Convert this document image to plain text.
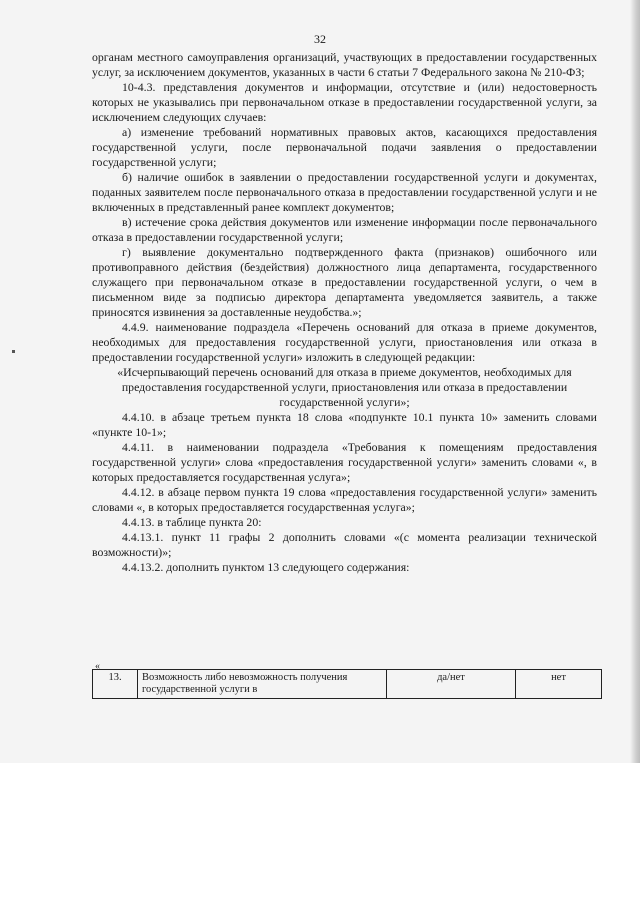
32

органам местного самоуправления организаций, участвующих в предоставлении государственных услуг, за исключением документов, указанных в части 6 статьи 7 Федерального закона № 210-ФЗ;

10-4.3. представления документов и информации, отсутствие и (или) недостоверность которых не указывались при первоначальном отказе в предоставлении государственной услуги, за исключением следующих случаев:

а) изменение требований нормативных правовых актов, касающихся предоставления государственной услуги, после первоначальной подачи заявления о предоставлении государственной услуги;

б) наличие ошибок в заявлении о предоставлении государственной услуги и документах, поданных заявителем после первоначального отказа в предоставлении государственной услуги и не включенных в представленный ранее комплект документов;

в) истечение срока действия документов или изменение информации после первоначального отказа в предоставлении государственной услуги;

г) выявление документально подтвержденного факта (признаков) ошибочного или противоправного действия (бездействия) должностного лица департамента, государственного служащего при первоначальном отказе в предоставлении государственной услуги, о чем в письменном виде за подписью директора департамента уведомляется заявитель, а также приносятся извинения за доставленные неудобства.»;

4.4.9. наименование подраздела «Перечень оснований для отказа в приеме документов, необходимых для предоставления государственной услуги, приостановления или отказа в предоставлении государственной услуги» изложить в следующей редакции:

«Исчерпывающий перечень оснований для отказа в приеме документов, необходимых для предоставления государственной услуги, приостановления или отказа в предоставлении государственной услуги»;

4.4.10. в абзаце третьем пункта 18 слова «подпункте 10.1 пункта 10» заменить словами «пункте 10-1»;

4.4.11. в наименовании подраздела «Требования к помещениям предоставления государственной услуги» слова «предоставления государственной услуги» заменить словами «, в которых предоставляется государственная услуга»;

4.4.12. в абзаце первом пункта 19 слова «предоставления государственной услуги» заменить словами «, в которых предоставляется государственная услуга»;

4.4.13. в таблице пункта 20:

4.4.13.1. пункт 11 графы 2 дополнить словами «(с момента реализации технической возможности)»;

4.4.13.2. дополнить пунктом 13 следующего содержания:

«
13.	Возможность либо невозможность получения государственной услуги в	да/нет	нет
